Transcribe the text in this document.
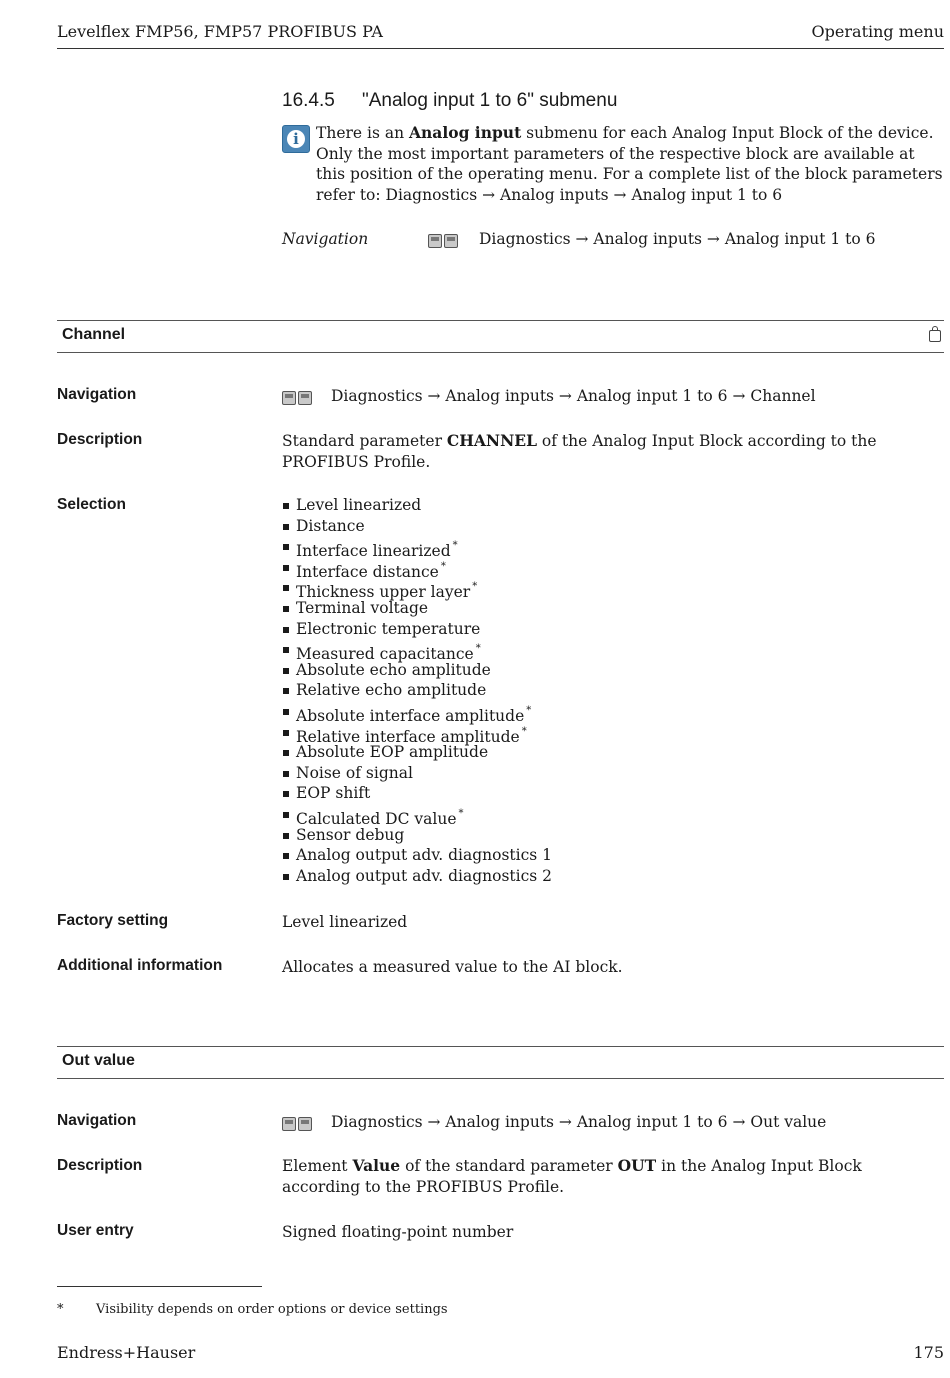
Levelflex FMP56, FMP57 PROFIBUS PA	Operating menu
16.4.5 "Analog input 1 to 6" submenu
i	There is an Analog input submenu for each Analog Input Block of the device. Only the most important parameters of the respective block are available at this position of the operating menu. For a complete list of the block parameters refer to: Diagnostics → Analog inputs → Analog input 1 to 6
Navigation	Diagnostics → Analog inputs → Analog input 1 to 6
Channel
Navigation	Diagnostics → Analog inputs → Analog input 1 to 6 → Channel
Description	Standard parameter CHANNEL of the Analog Input Block according to the PROFIBUS Profile.
Selection	Level linearized
Distance
Interface linearized *
Interface distance *
Thickness upper layer *
Terminal voltage
Electronic temperature
Measured capacitance *
Absolute echo amplitude
Relative echo amplitude
Absolute interface amplitude *
Relative interface amplitude *
Absolute EOP amplitude
Noise of signal
EOP shift
Calculated DC value *
Sensor debug
Analog output adv. diagnostics 1
Analog output adv. diagnostics 2
Factory setting	Level linearized
Additional information	Allocates a measured value to the AI block.
Out value
Navigation	Diagnostics → Analog inputs → Analog input 1 to 6 → Out value
Description	Element Value of the standard parameter OUT in the Analog Input Block according to the PROFIBUS Profile.
User entry	Signed floating-point number
*	Visibility depends on order options or device settings
Endress+Hauser	175
